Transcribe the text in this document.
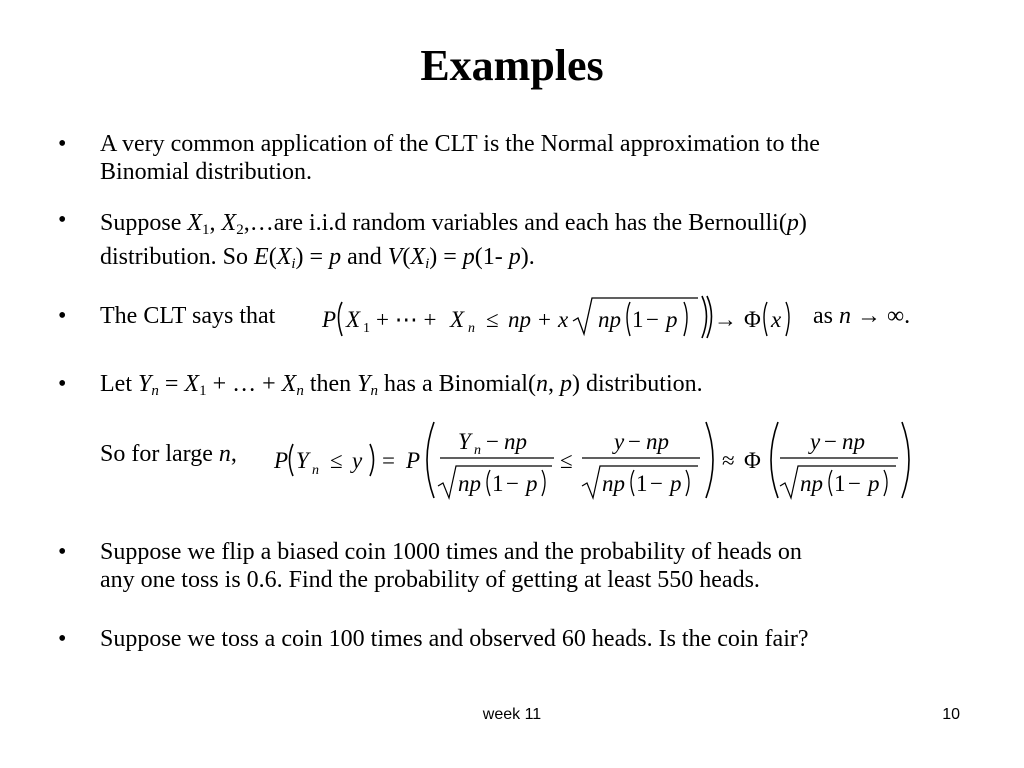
Examples
• A very common application of the CLT is the Normal approximation to the
Binomial distribution.
• Suppose $X_1$, $X_2,\dots are$ i.i.d random variables and each has the Bernoulli(p)
distribution. So $E(X_i) = p$ and $V(X_i) = p(1-$ p).
• The CLT says that	P X 1 + ⋯ + X n ≤ np + x np 1 − p → Φ x as n → ∞.
• Let $Y_n = X_1$ + … + $X_n$ then $Y_n$ has a Binomial(n, p) distribution.
So for large n,	P Y n ≤ y = P
Y n − np
np 1 − p
≤
y − np
np 1 − p
≈ Φ
y − np
np 1 − p
• Suppose we flip a biased coin 1000 times and the probability of heads on
any one toss is 0.6. Find the probability of getting at least 550 heads.
• Suppose we toss a coin 100 times and observed 60 heads. Is the coin fair?
week 11	10
